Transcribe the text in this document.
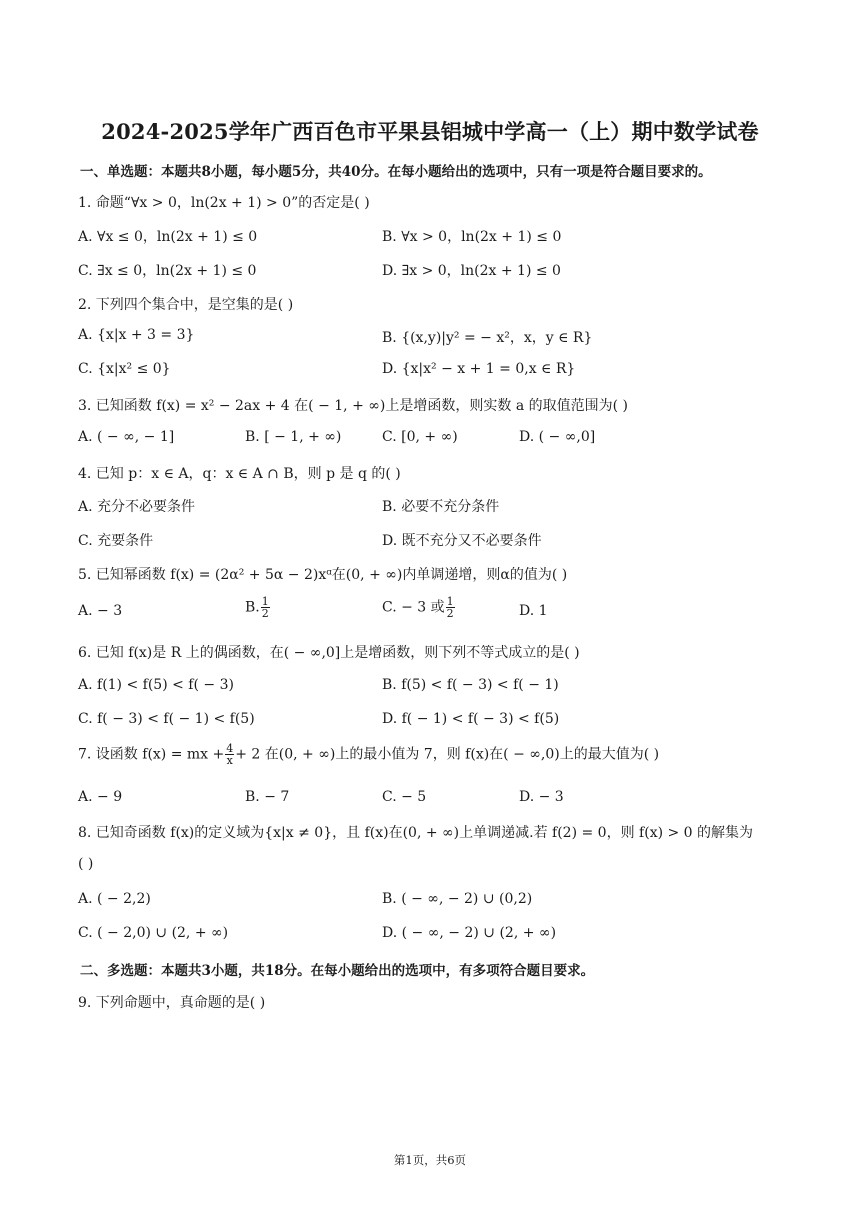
2024-2025学年广西百色市平果县铝城中学高一（上）期中数学试卷
一、单选题：本题共8小题，每小题5分，共40分。在每小题给出的选项中，只有一项是符合题目要求的。
1. 命题“∀x > 0，ln(2x + 1) > 0”的否定是( )
A. ∀x ≤ 0，ln(2x + 1) ≤ 0	B. ∀x > 0，ln(2x + 1) ≤ 0
C. ∃x ≤ 0，ln(2x + 1) ≤ 0	D. ∃x > 0，ln(2x + 1) ≤ 0
2. 下列四个集合中，是空集的是( )
A. {x|x + 3 = 3}	B. {(x,y)|y² = − x²，x，y ∈ R}
C. {x|x² ≤ 0}	D. {x|x² − x + 1 = 0,x ∈ R}
3. 已知函数 f(x) = x² − 2ax + 4 在( − 1, + ∞)上是增函数，则实数 a 的取值范围为( )
A. ( − ∞, − 1]	B. [ − 1, + ∞)	C. [0, + ∞)	D. ( − ∞,0]
4. 已知 p：x ∈ A，q：x ∈ A ∩ B，则 p 是 q 的( )
A. 充分不必要条件	B. 必要不充分条件
C. 充要条件	D. 既不充分又不必要条件
5. 已知幂函数 f(x) = (2α² + 5α − 2)xᵅ在(0, + ∞)内单调递增，则α的值为( )
A. − 3	B. $\frac{1}{2}$	C. − 3 或 $\frac{1}{2}$	D. 1
6. 已知 f(x)是 R 上的偶函数，在( − ∞,0]上是增函数，则下列不等式成立的是( )
A. f(1) < f(5) < f( − 3)	B. f(5) < f( − 3) < f( − 1)
C. f( − 3) < f( − 1) < f(5)	D. f( − 1) < f( − 3) < f(5)
7. 设函数 f(x) = mx + $\frac{4}{x} + 2$ 在(0, + ∞)上的最小值为 7，则 f(x)在( − ∞,0)上的最大值为( )
A. − 9	B. − 7	C. − 5	D. − 3
8. 已知奇函数 f(x)的定义域为{x|x ≠ 0}，且 f(x)在(0, + ∞)上单调递减.若 f(2) = 0，则 f(x) > 0 的解集为
( )
A. ( − 2,2)	B. ( − ∞, − 2) ∪ (0,2)
C. ( − 2,0) ∪ (2, + ∞)	D. ( − ∞, − 2) ∪ (2, + ∞)
二、多选题：本题共3小题，共18分。在每小题给出的选项中，有多项符合题目要求。
9. 下列命题中，真命题的是( )
第1页，共6页
